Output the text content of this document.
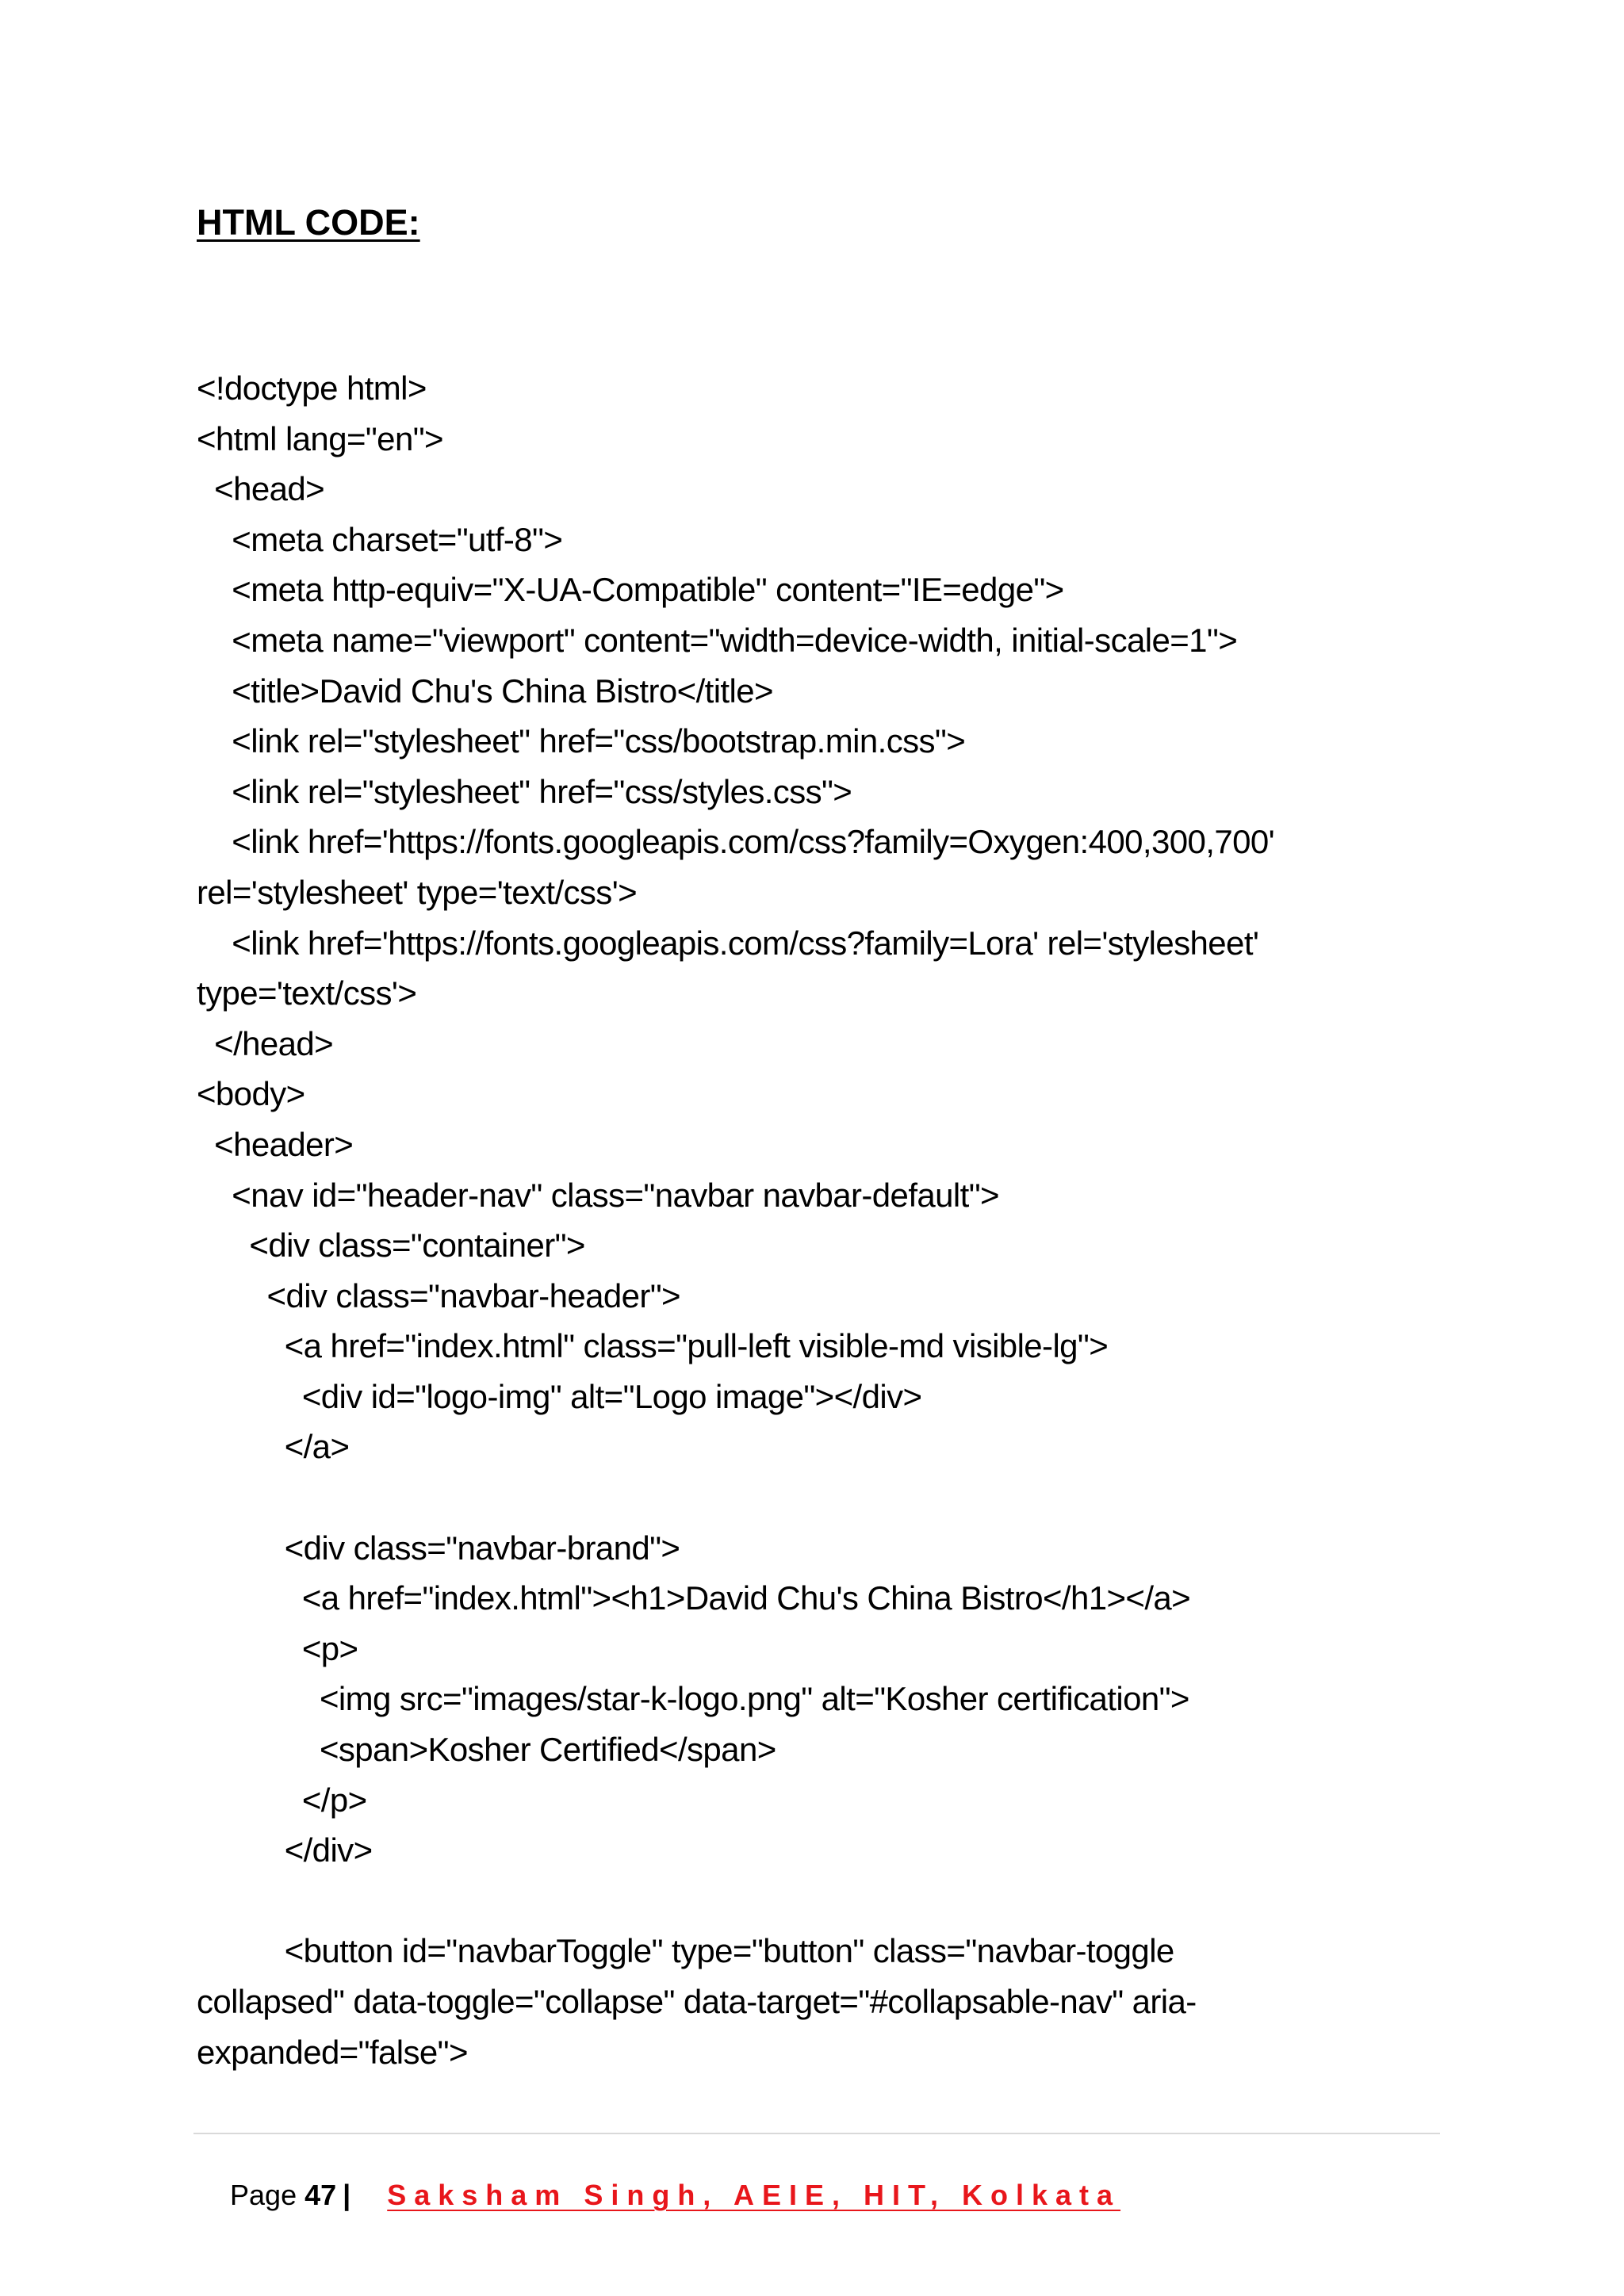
HTML CODE:
<!doctype html>
<html lang="en">
<head>
<meta charset="utf-8">
<meta http-equiv="X-UA-Compatible" content="IE=edge">
<meta name="viewport" content="width=device-width, initial-scale=1">
<title>David Chu's China Bistro</title>
<link rel="stylesheet" href="css/bootstrap.min.css">
<link rel="stylesheet" href="css/styles.css">
<link href='https://fonts.googleapis.com/css?family=Oxygen:400,300,700'
rel='stylesheet' type='text/css'>
<link href='https://fonts.googleapis.com/css?family=Lora' rel='stylesheet'
type='text/css'>
</head>
<body>
<header>
<nav id="header-nav" class="navbar navbar-default">
<div class="container">
<div class="navbar-header">
<a href="index.html" class="pull-left visible-md visible-lg">
<div id="logo-img" alt="Logo image"></div>
</a>
<div class="navbar-brand">
<a href="index.html"><h1>David Chu's China Bistro</h1></a>
<p>
<img src="images/star-k-logo.png" alt="Kosher certification">
<span>Kosher Certified</span>
</p>
</div>
<button id="navbarToggle" type="button" class="navbar-toggle
collapsed" data-toggle="collapse" data-target="#collapsable-nav" aria-
expanded="false">

Page 47 | Saksham Singh, AEIE, HIT, Kolkata
